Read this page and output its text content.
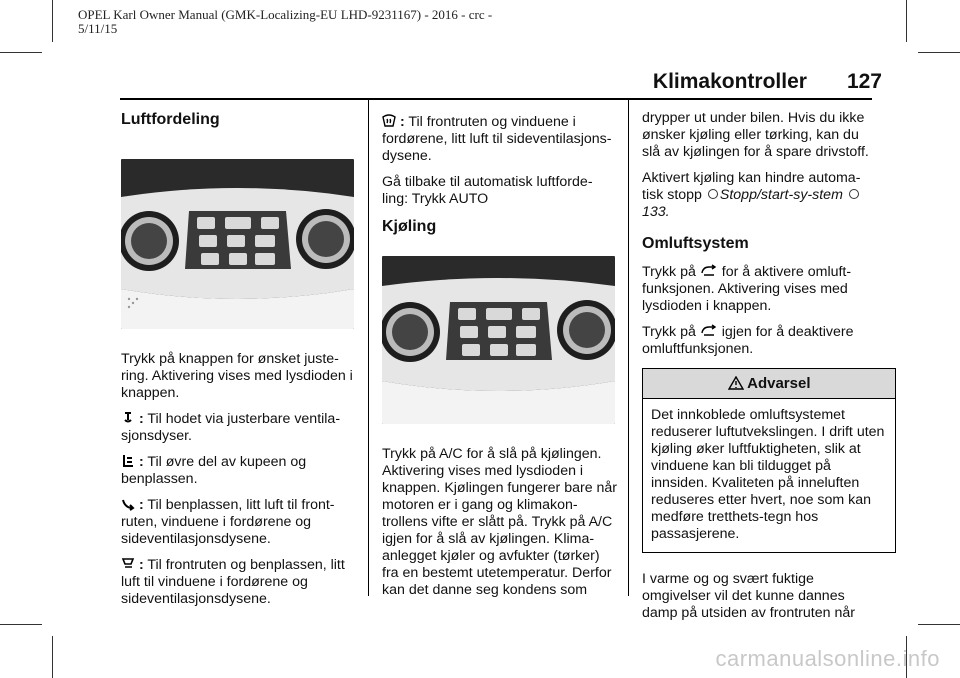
OPEL Karl Owner Manual (GMK-Localizing-EU LHD-9231167) - 2016 - crc -
5/11/15
Klimakontroller 127
Luftfordeling

Trykk på knappen for ønsket juste-ring. Aktivering vises med lysdioden i knappen.

: Til hodet via justerbare ventila-sjonsdyser.

: Til øvre del av kupeen og benplassen.

: Til benplassen, litt luft til front-ruten, vinduene i fordørene og sideventilasjonsdysene.

: Til frontruten og benplassen, litt luft til vinduene i fordørene og sideventilasjonsdysene.

: Til frontruten og vinduene i fordørene, litt luft til sideventilasjons-dysene.

Gå tilbake til automatisk luftforde-ling: Trykk AUTO

Kjøling

Trykk på A/C for å slå på kjølingen. Aktivering vises med lysdioden i knappen. Kjølingen fungerer bare når motoren er i gang og klimakon-trollens vifte er slått på. Trykk på A/C igjen for å slå av kjølingen. Klima-anlegget kjøler og avfukter (tørker) fra en bestemt utetemperatur. Derfor kan det danne seg kondens som

drypper ut under bilen. Hvis du ikke ønsker kjøling eller tørking, kan du slå av kjølingen for å spare drivstoff.

Aktivert kjøling kan hindre automa-tisk stopp Stopp/start-sy-stem 133.

Omluftsystem

Trykk på for å aktivere omluft-funksjonen. Aktivering vises med lysdioden i knappen.

Trykk på igjen for å deaktivere omluftfunksjonen.

Advarsel
Det innkoblede omluftsystemet reduserer luftutvekslingen. I drift uten kjøling øker luftfuktigheten, slik at vinduene kan bli tildugget på innsiden. Kvaliteten på inneluften reduseres etter hvert, noe som kan medføre tretthets-tegn hos passasjerene.

I varme og og svært fuktige omgivelser vil det kunne dannes damp på utsiden av frontruten når

carmanualsonline.info
